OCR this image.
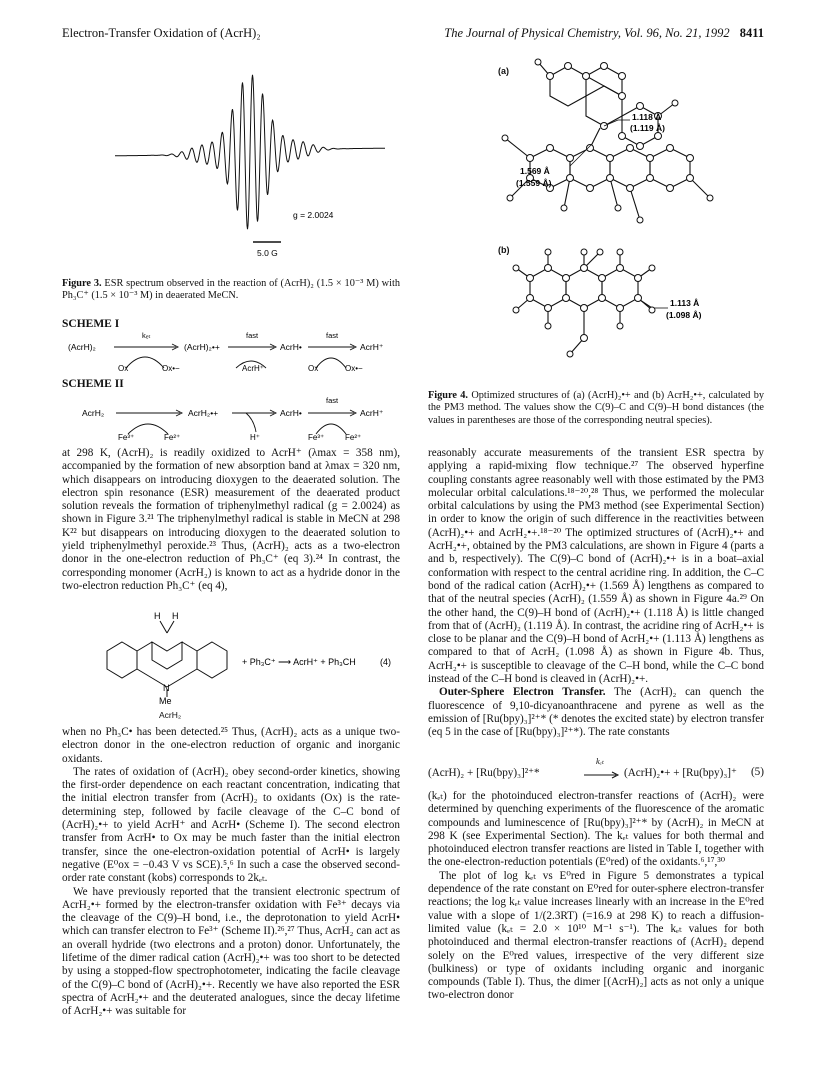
Electron-Transfer Oxidation of (AcrH)₂	The Journal of Physical Chemistry, Vol. 96, No. 21, 1992 8411
g = 2.0024
5.0 G
Figure 3. ESR spectrum observed in the reaction of (AcrH)₂ (1.5 × 10⁻³ M) with Ph₃C⁺ (1.5 × 10⁻³ M) in deaerated MeCN.
SCHEME I
(AcrH)₂	(AcrH)₂•+	AcrH•	AcrH⁺
kₑₜ	fast	fast
Ox	Ox•−	AcrH⁺	Ox	Ox•−
SCHEME II
AcrH₂	AcrH₂•+	AcrH•	AcrH⁺
fast
Fe³⁺	Fe²⁺	H⁺	Fe³⁺	Fe²⁺

at 298 K, (AcrH)₂ is readily oxidized to AcrH⁺ (λmax = 358 nm), accompanied by the formation of new absorption band at λmax = 320 nm, which disappears on introducing dioxygen to the deaerated solution. The electron spin resonance (ESR) measurement of the deaerated product solution reveals the formation of triphenylmethyl radical (g = 2.0024) as shown in Figure 3.²¹ The triphenylmethyl radical is stable in MeCN at 298 K²² but disappears on introducing dioxygen to the deaerated solution to yield triphenylmethyl peroxide.²³ Thus, (AcrH)₂ acts as a two-electron donor in the one-electron reduction of Ph₃C⁺ (eq 3).²⁴ In contrast, the corresponding monomer (AcrH₂) is known to act as a hydride donor in the two-electron reduction Ph₃C⁺ (eq 4),

H H
N
Me
+ Ph₃C⁺ ⟶ AcrH⁺ + Ph₃CH	(4)
AcrH₂

when no Ph₃C• has been detected.²⁵ Thus, (AcrH)₂ acts as a unique two-electron donor in the one-electron reduction of organic and inorganic oxidants.

The rates of oxidation of (AcrH)₂ obey second-order kinetics, showing the first-order dependence on each reactant concentration, indicating that the initial electron transfer from (AcrH)₂ to oxidants (Ox) is the rate-determining step, followed by facile cleavage of the C–C bond of (AcrH)₂•+ to yield AcrH⁺ and AcrH• (Scheme I). The second electron transfer from AcrH• to Ox may be much faster than the initial electron transfer, since the one-electron-oxidation potential of AcrH• is largely negative (E⁰ox = −0.43 V vs SCE).⁵,⁶ In such a case the observed second-order rate constant (kobs) corresponds to 2kₑₜ.

We have previously reported that the transient electronic spectrum of AcrH₂•+ formed by the electron-transfer oxidation with Fe³⁺ decays via the cleavage of the C(9)–H bond, i.e., the deprotonation to yield AcrH• which can transfer electron to Fe³⁺ (Scheme II).²⁶,²⁷ Thus, AcrH₂ can act as an overall hydride (two electrons and a proton) donor. Unfortunately, the lifetime of the dimer radical cation (AcrH)₂•+ was too short to be detected by using a stopped-flow spectrophotometer, indicating the facile cleavage of the C(9)–C bond of (AcrH)₂•+. Recently we have also reported the ESR spectra of AcrH₂•+ and the deuterated analogues, since the decay lifetime of AcrH₂•+ was suitable for

(a)
1.118 Å
(1.119 Å)
1.569 Å
(1.559 Å)
(b)
1.113 Å
(1.098 Å)
Figure 4. Optimized structures of (a) (AcrH)₂•+ and (b) AcrH₂•+, calculated by the PM3 method. The values show the C(9)–C and C(9)–H bond distances (the values in parentheses are those of the corresponding neutral species).

reasonably accurate measurements of the transient ESR spectra by applying a rapid-mixing flow technique.²⁷ The observed hyperfine coupling constants agree reasonably well with those estimated by the PM3 molecular orbital calculations.¹⁸⁻²⁰,²⁸ Thus, we performed the molecular orbital calculations by using the PM3 method (see Experimental Section) in order to know the origin of such difference in the reactivities between (AcrH)₂•+ and AcrH₂•+.¹⁸⁻²⁰ The optimized structures of (AcrH)₂•+ and AcrH₂•+, obtained by the PM3 calculations, are shown in Figure 4 (parts a and b, respectively). The C(9)–C bond of (AcrH)₂•+ is in a boat–axial conformation with respect to the central acridine ring. In addition, the C–C bond of the radical cation (AcrH)₂•+ (1.569 Å) lengthens as compared to that of the neutral species (AcrH)₂ (1.559 Å) as shown in Figure 4a.²⁹ On the other hand, the C(9)–H bond of (AcrH)₂•+ (1.118 Å) is little changed from that of (AcrH)₂ (1.119 Å). In contrast, the acridine ring of AcrH₂•+ is close to be planar and the C(9)–H bond of AcrH₂•+ (1.113 Å) lengthens as compared to that of AcrH₂ (1.098 Å) as shown in Figure 4b. Thus, AcrH₂•+ is susceptible to cleavage of the C–H bond, while the C–C bond instead of the C–H bond is cleaved in (AcrH)₂•+.

Outer-Sphere Electron Transfer. The (AcrH)₂ can quench the fluorescence of 9,10-dicyanoanthracene and pyrene as well as the emission of [Ru(bpy)₃]²⁺* (* denotes the excited state) by electron transfer (eq 5 in the case of [Ru(bpy)₃]²⁺*). The rate constants

(AcrH)₂ + [Ru(bpy)₃]²⁺*
kₑₜ
(AcrH)₂•+ + [Ru(bpy)₃]⁺ (5)

(kₑₜ) for the photoinduced electron-transfer reactions of (AcrH)₂ were determined by quenching experiments of the fluorescence of the aromatic compounds and luminescence of [Ru(bpy)₃]²⁺* by (AcrH)₂ in MeCN at 298 K (see Experimental Section). The kₑₜ values for both thermal and photoinduced electron transfer reactions are listed in Table I, together with the one-electron-reduction potentials (E⁰red) of the oxidants.⁶,¹⁷,³⁰

The plot of log kₑₜ vs E⁰red in Figure 5 demonstrates a typical dependence of the rate constant on E⁰red for outer-sphere electron-transfer reactions; the log kₑₜ value increases linearly with an increase in the E⁰red value with a slope of 1/(2.3RT) (=16.9 at 298 K) to reach a diffusion-limited value (kₑₜ = 2.0 × 10¹⁰ M⁻¹ s⁻¹). The kₑₜ values for both photoinduced and thermal electron-transfer reactions of (AcrH)₂ depend solely on the E⁰red values, irrespective of the very different size (bulkiness) or type of oxidants including organic and inorganic compounds (Table I). Thus, the dimer [(AcrH)₂] acts as not only a unique two-electron donor
